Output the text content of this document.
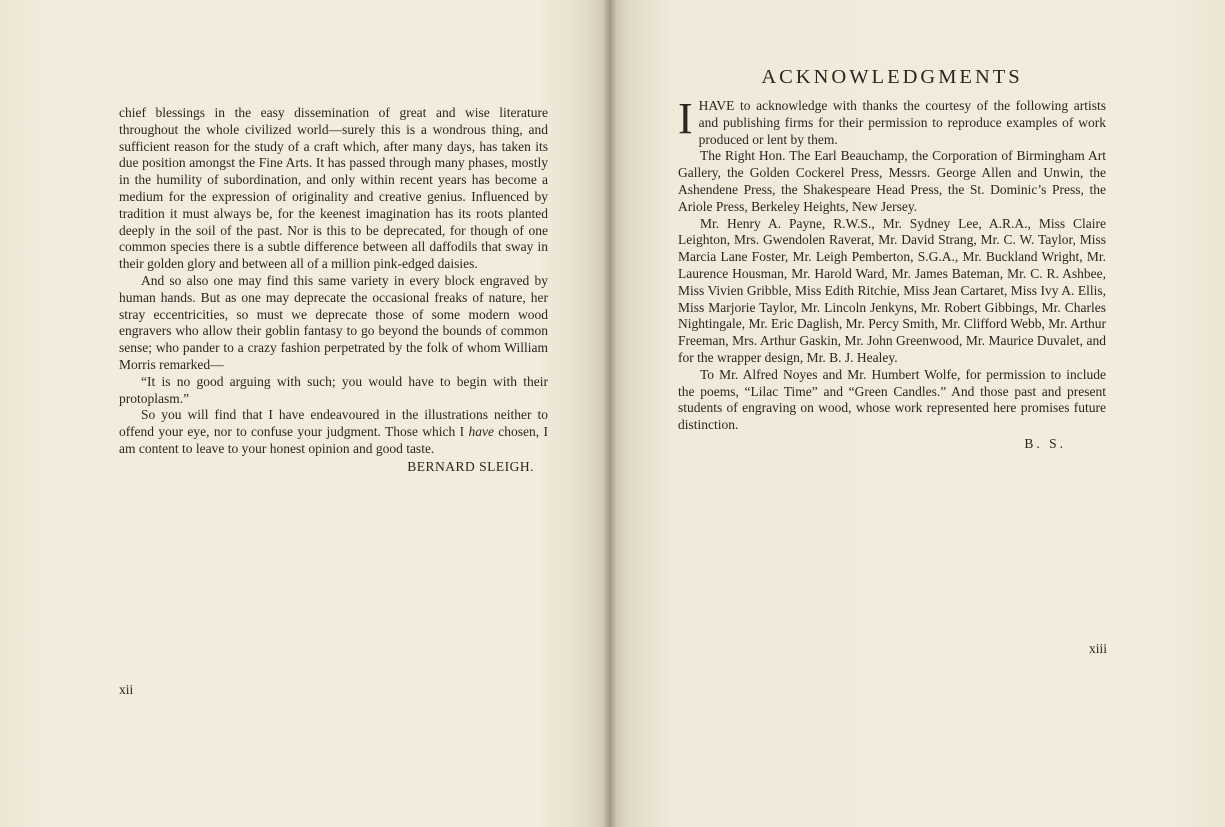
chief blessings in the easy dissemination of great and wise literature throughout the whole civilized world—surely this is a wondrous thing, and sufficient reason for the study of a craft which, after many days, has taken its due position amongst the Fine Arts. It has passed through many phases, mostly in the humility of subordination, and only within recent years has become a medium for the expression of originality and creative genius. Influenced by tradition it must always be, for the keenest imagination has its roots planted deeply in the soil of the past. Nor is this to be deprecated, for though of one common species there is a subtle difference between all daffodils that sway in their golden glory and between all of a million pink-edged daisies.

And so also one may find this same variety in every block engraved by human hands. But as one may deprecate the occasional freaks of nature, her stray eccentricities, so must we deprecate those of some modern wood engravers who allow their goblin fantasy to go beyond the bounds of common sense; who pander to a crazy fashion perpetrated by the folk of whom William Morris remarked—

“It is no good arguing with such; you would have to begin with their protoplasm.”

So you will find that I have endeavoured in the illustrations neither to offend your eye, nor to confuse your judgment. Those which I have chosen, I am content to leave to your honest opinion and good taste.

BERNARD SLEIGH.
xii
ACKNOWLEDGMENTS

IHAVE to acknowledge with thanks the courtesy of the following artists and publishing firms for their permission to reproduce examples of work produced or lent by them.

The Right Hon. The Earl Beauchamp, the Corporation of Birmingham Art Gallery, the Golden Cockerel Press, Messrs. George Allen and Unwin, the Ashendene Press, the Shakespeare Head Press, the St. Dominic’s Press, the Ariole Press, Berkeley Heights, New Jersey.

Mr. Henry A. Payne, R.W.S., Mr. Sydney Lee, A.R.A., Miss Claire Leighton, Mrs. Gwendolen Raverat, Mr. David Strang, Mr. C. W. Taylor, Miss Marcia Lane Foster, Mr. Leigh Pemberton, S.G.A., Mr. Buckland Wright, Mr. Laurence Housman, Mr. Harold Ward, Mr. James Bateman, Mr. C. R. Ashbee, Miss Vivien Gribble, Miss Edith Ritchie, Miss Jean Cartaret, Miss Ivy A. Ellis, Miss Marjorie Taylor, Mr. Lincoln Jenkyns, Mr. Robert Gibbings, Mr. Charles Nightingale, Mr. Eric Daglish, Mr. Percy Smith, Mr. Clifford Webb, Mr. Arthur Freeman, Mrs. Arthur Gaskin, Mr. John Greenwood, Mr. Maurice Duvalet, and for the wrapper design, Mr. B. J. Healey.

To Mr. Alfred Noyes and Mr. Humbert Wolfe, for permission to include the poems, “Lilac Time” and “Green Candles.” And those past and present students of engraving on wood, whose work represented here promises future distinction.

B. S.
xiii
